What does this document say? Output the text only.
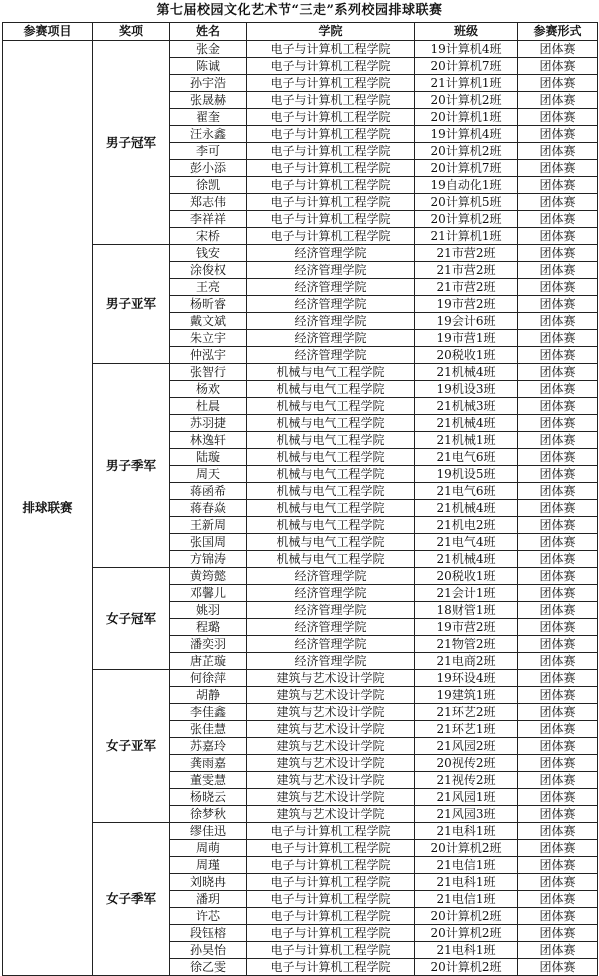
第七届校园文化艺术节“三走”系列校园排球联赛
参赛项目	奖项	姓名	学院	班级	参赛形式
排球联赛	男子冠军	张金	电子与计算机工程学院	19计算机4班	团体赛
		陈诚	电子与计算机工程学院	20计算机7班	团体赛
		孙宇浩	电子与计算机工程学院	21计算机1班	团体赛
		张晟赫	电子与计算机工程学院	20计算机2班	团体赛
		翟奎	电子与计算机工程学院	20计算机1班	团体赛
		汪永鑫	电子与计算机工程学院	19计算机4班	团体赛
		李可	电子与计算机工程学院	20计算机2班	团体赛
		彭小添	电子与计算机工程学院	20计算机7班	团体赛
		徐凯	电子与计算机工程学院	19自动化1班	团体赛
		郑志伟	电子与计算机工程学院	20计算机5班	团体赛
		李祥祥	电子与计算机工程学院	20计算机2班	团体赛
		宋桥	电子与计算机工程学院	21计算机1班	团体赛
	男子亚军	钱安	经济管理学院	21市营2班	团体赛
		涂俊权	经济管理学院	21市营2班	团体赛
		王亮	经济管理学院	21市营2班	团体赛
		杨昕睿	经济管理学院	19市营2班	团体赛
		戴文斌	经济管理学院	19会计6班	团体赛
		朱立宇	经济管理学院	19市营1班	团体赛
		仲泓宇	经济管理学院	20税收1班	团体赛
	男子季军	张智行	机械与电气工程学院	21机械4班	团体赛
		杨欢	机械与电气工程学院	19机设3班	团体赛
		杜晨	机械与电气工程学院	21机械3班	团体赛
		苏羽捷	机械与电气工程学院	21机械4班	团体赛
		林逸轩	机械与电气工程学院	21机械1班	团体赛
		陆璇	机械与电气工程学院	21电气6班	团体赛
		周天	机械与电气工程学院	19机设5班	团体赛
		蒋函希	机械与电气工程学院	21电气6班	团体赛
		蒋春焱	机械与电气工程学院	21机械4班	团体赛
		王新周	机械与电气工程学院	21机电2班	团体赛
		张国周	机械与电气工程学院	21电气4班	团体赛
		方锦涛	机械与电气工程学院	21机械4班	团体赛
	女子冠军	黄筠懿	经济管理学院	20税收1班	团体赛
		邓馨儿	经济管理学院	21会计1班	团体赛
		姚羽	经济管理学院	18财管1班	团体赛
		程璐	经济管理学院	19市营2班	团体赛
		潘奕羽	经济管理学院	21物管2班	团体赛
		唐芷璇	经济管理学院	21电商2班	团体赛
	女子亚军	何徐萍	建筑与艺术设计学院	19环设4班	团体赛
		胡静	建筑与艺术设计学院	19建筑1班	团体赛
		李佳鑫	建筑与艺术设计学院	21环艺2班	团体赛
		张佳慧	建筑与艺术设计学院	21环艺1班	团体赛
		苏嘉玲	建筑与艺术设计学院	21风园2班	团体赛
		龚雨嘉	建筑与艺术设计学院	20视传2班	团体赛
		董雯慧	建筑与艺术设计学院	21视传2班	团体赛
		杨晓云	建筑与艺术设计学院	21风园1班	团体赛
		徐梦秋	建筑与艺术设计学院	21风园3班	团体赛
	女子季军	缪佳迅	电子与计算机工程学院	21电科1班	团体赛
		周萌	电子与计算机工程学院	20计算机2班	团体赛
		周瑾	电子与计算机工程学院	21电信1班	团体赛
		刘晓冉	电子与计算机工程学院	21电科1班	团体赛
		潘玥	电子与计算机工程学院	21电信1班	团体赛
		许芯	电子与计算机工程学院	20计算机2班	团体赛
		段钰榕	电子与计算机工程学院	20计算机2班	团体赛
		孙昊怡	电子与计算机工程学院	21电科1班	团体赛
		徐乙雯	电子与计算机工程学院	20计算机2班	团体赛
